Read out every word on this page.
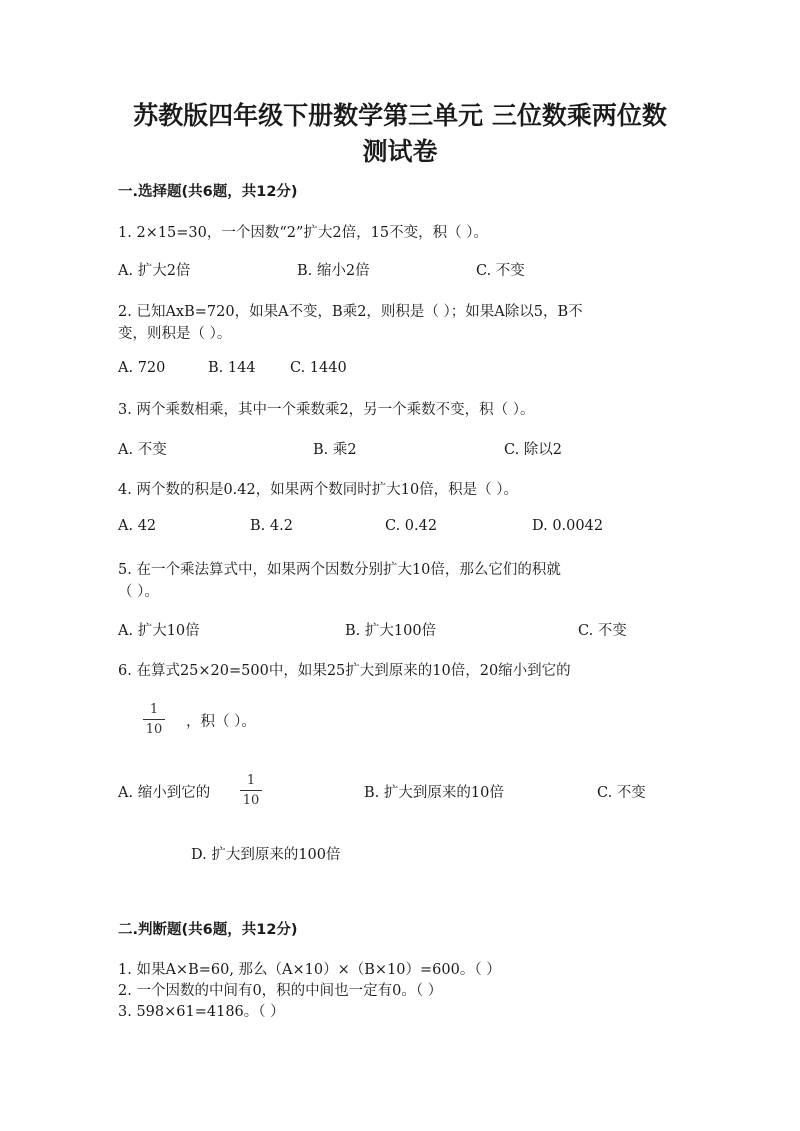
苏教版四年级下册数学第三单元 三位数乘两位数
测试卷
一.选择题(共6题，共12分)
1. 2×15=30，一个因数“2”扩大2倍，15不变，积（ ）。
A. 扩大2倍	B. 缩小2倍	C. 不变
2. 已知AxB=720，如果A不变，B乘2，则积是（ ）；如果A除以5，B不
变，则积是（ ）。
A. 720	B. 144 C. 1440
3. 两个乘数相乘，其中一个乘数乘2，另一个乘数不变，积（ ）。
A. 不变	B. 乘2	C. 除以2
4. 两个数的积是0.42，如果两个数同时扩大10倍，积是（ ）。
A. 42	B. 4.2	C. 0.42	D. 0.0042
5. 在一个乘法算式中，如果两个因数分别扩大10倍，那么它们的积就
（ ）。
A. 扩大10倍	B. 扩大100倍	C. 不变
6. 在算式25×20=500中，如果25扩大到原来的10倍，20缩小到它的
1
10 ，积（ ）。
A. 缩小到它的
1
10	B. 扩大到原来的10倍	C. 不变
D. 扩大到原来的100倍
二.判断题(共6题，共12分)
1. 如果A×B=60, 那么（A×10）×（B×10）=600。（ ）
2. 一个因数的中间有0，积的中间也一定有0。（ ）
3. 598×61=4186。（ ）
